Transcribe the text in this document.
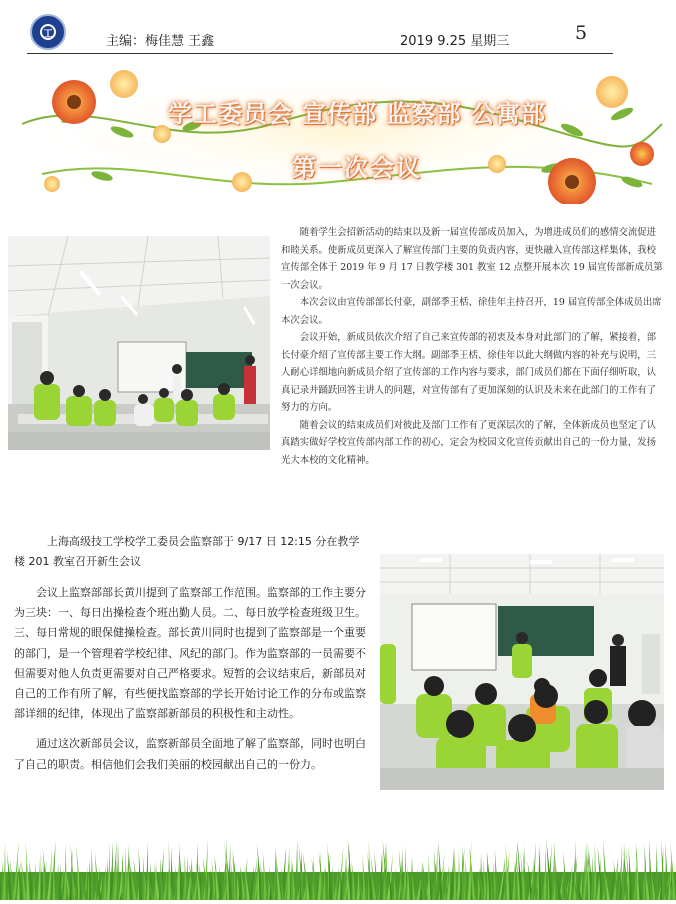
工	主编：梅佳慧 王鑫	2019 9.25 星期三	5
学工委员会 宣传部 监察部 公寓部
第一次会议

随着学生会招新活动的结束以及新一届宣传部成员加入，为增进成员们的感情交流促进和睦关系。使新成员更深入了解宣传部门主要的负责内容，更快融入宣传部这样集体，我校宣传部全体于 2019 年 9 月 17 日教学楼 301 教室 12 点整开展本次 19 届宣传部新成员第一次会议。

本次会议由宣传部部长付豪，副部季王栝、徐佳年主持召开，19 届宣传部全体成员出席本次会议。

会议开始，新成员依次介绍了自己来宣传部的初衷及本身对此部门的了解，紧接着，部长付豪介绍了宣传部主要工作大纲。副部季王栝、徐佳年以此大纲做内容的补充与说明，三人耐心详细地向新成员介绍了宣传部的工作内容与要求，部门成员们都在下面仔细听取，认真记录并踊跃回答主讲人的问题，对宣传部有了更加深刻的认识及未来在此部门的工作有了努力的方向。

随着会议的结束成员们对彼此及部门工作有了更深层次的了解，全体新成员也坚定了认真踏实做好学校宣传部内部工作的初心，定会为校园文化宣传贡献出自己的一份力量，发扬光大本校的文化精神。

上海高级技工学校学工委员会监察部于 9/17 日 12:15 分在教学楼 201 教室召开新生会议

会议上监察部部长黄川提到了监察部工作范围。监察部的工作主要分为三块：一、每日出操检查个班出勤人员。二、每日放学检查班级卫生。三、每日常规的眼保健操检查。部长黄川同时也提到了监察部是一个重要的部门，是一个管理着学校纪律、风纪的部门。作为监察部的一员需要不但需要对他人负责更需要对自己严格要求。短暂的会议结束后，新部员对自己的工作有所了解，有些便找监察部的学长开始讨论工作的分布或监察部详细的纪律，体现出了监察部新部员的积极性和主动性。

通过这次新部员会议，监察新部员全面地了解了监察部，同时也明白了自己的职责。相信他们会我们美丽的校园献出自己的一份力。
